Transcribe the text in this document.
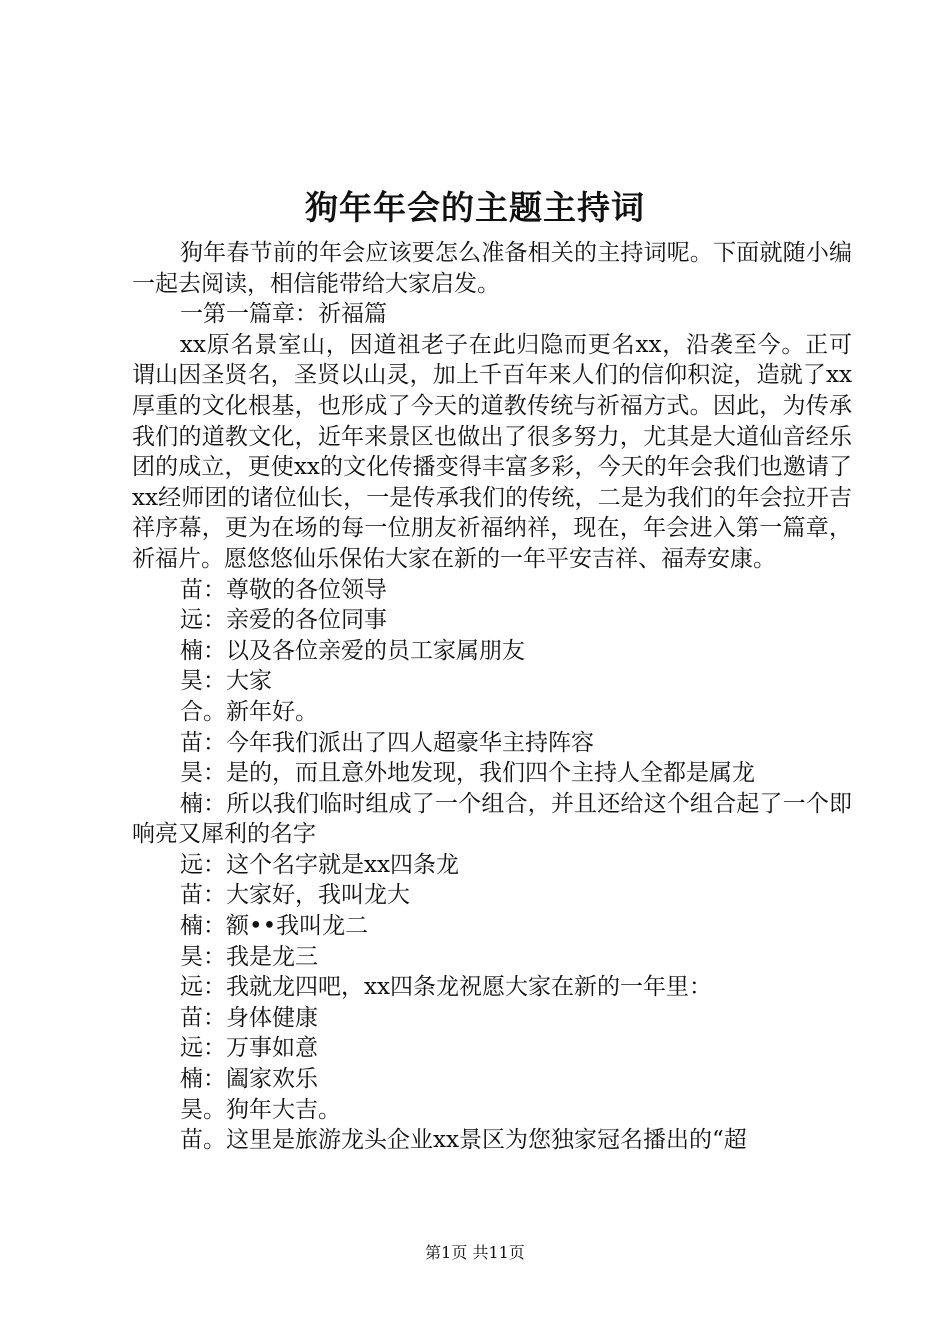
狗年年会的主题主持词

狗年春节前的年会应该要怎么准备相关的主持词呢。下面就随小编一起去阅读，相信能带给大家启发。

一第一篇章：祈福篇

xx原名景室山，因道祖老子在此归隐而更名xx，沿袭至今。正可谓山因圣贤名，圣贤以山灵，加上千百年来人们的信仰积淀，造就了xx厚重的文化根基，也形成了今天的道教传统与祈福方式。因此，为传承我们的道教文化，近年来景区也做出了很多努力，尤其是大道仙音经乐团的成立，更使xx的文化传播变得丰富多彩，今天的年会我们也邀请了xx经师团的诸位仙长，一是传承我们的传统，二是为我们的年会拉开吉祥序幕，更为在场的每一位朋友祈福纳祥，现在，年会进入第一篇章，祈福片。愿悠悠仙乐保佑大家在新的一年平安吉祥、福寿安康。

苗：尊敬的各位领导

远：亲爱的各位同事

楠：以及各位亲爱的员工家属朋友

昊：大家

合。新年好。

苗：今年我们派出了四人超豪华主持阵容

昊：是的，而且意外地发现，我们四个主持人全都是属龙

楠：所以我们临时组成了一个组合，并且还给这个组合起了一个即响亮又犀利的名字

远：这个名字就是xx四条龙

苗：大家好，我叫龙大

楠：额••我叫龙二

昊：我是龙三

远：我就龙四吧，xx四条龙祝愿大家在新的一年里：

苗：身体健康

远：万事如意

楠：阖家欢乐

昊。狗年大吉。

苗。这里是旅游龙头企业xx景区为您独家冠名播出的“超

第1页 共11页
